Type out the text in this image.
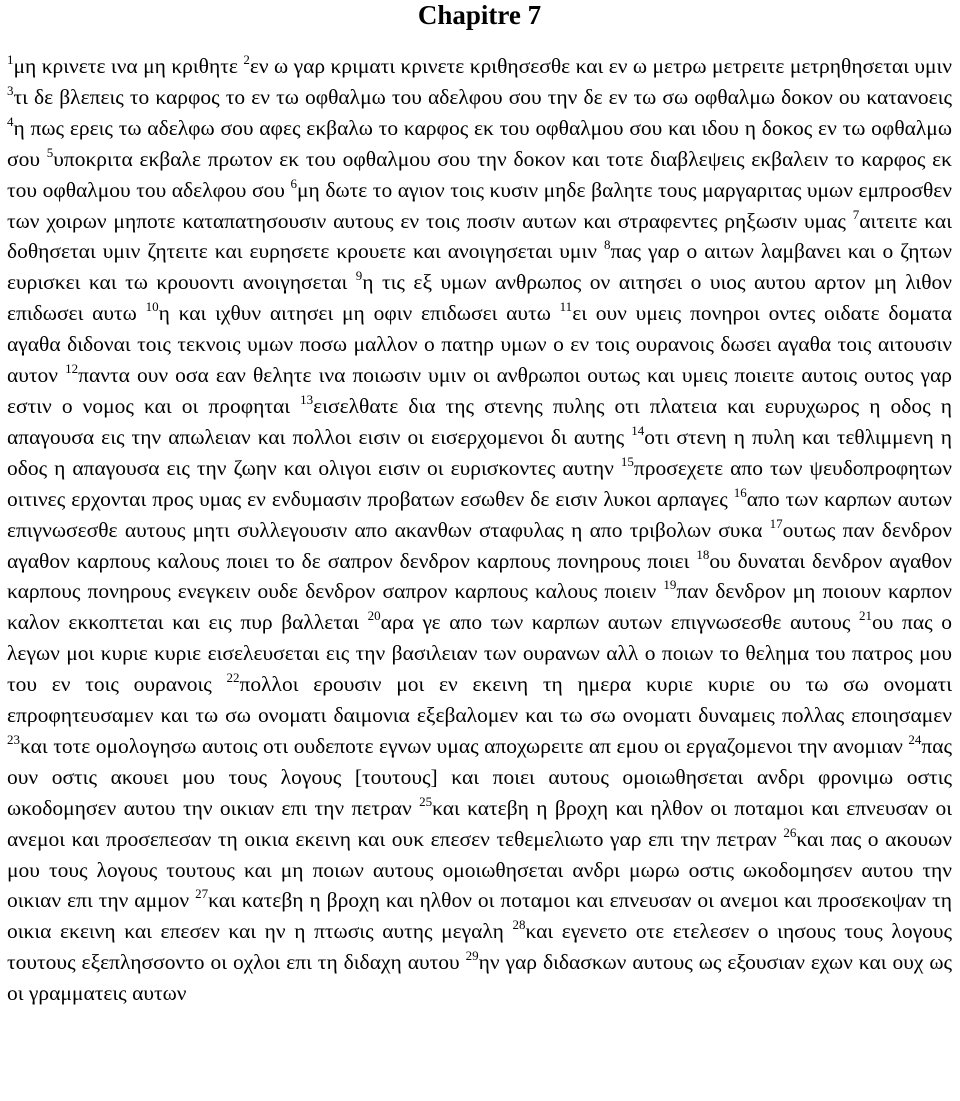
Chapitre 7

$^1$μη κρινετε ινα μη κριθητε $^2$εν ω γαρ κριματι κρινετε κριθησεσθε και εν ω μετρω μετρειτε μετρηθησεται υμιν $^3$τι δε βλεπεις το καρφος το εν τω οφθαλμω του αδελφου σου την δε εν τω σω οφθαλμω δοκον ου κατανοεις $^4$η πως ερεις τω αδελφω σου αφες εκβαλω το καρφος εκ του οφθαλμου σου και ιδου η δοκος εν τω οφθαλμω σου $^5$υποκριτα εκβαλε πρωτον εκ του οφθαλμου σου την δοκον και τοτε διαβλεψεις εκβαλειν το καρφος εκ του οφθαλμου του αδελφου σου $^6$μη δωτε το αγιον τοις κυσιν μηδε βαλητε τους μαργαριτας υμων εμπροσθεν των χοιρων μηποτε καταπατησουσιν αυτους εν τοις ποσιν αυτων και στραφεντες ρηξωσιν υμας $^7$αιτειτε και δοθησεται υμιν ζητειτε και ευρησετε κρουετε και ανοιγησεται υμιν $^8$πας γαρ ο αιτων λαμβανει και ο ζητων ευρισκει και τω κρουοντι ανοιγησεται $^9$η τις εξ υμων ανθρωπος ον αιτησει ο υιος αυτου αρτον μη λιθον επιδωσει αυτω $^{10}$η και ιχθυν αιτησει μη οφιν επιδωσει αυτω $^{11}$ει ουν υμεις πονηροι οντες οιδατε δοματα αγαθα διδοναι τοις τεκνοις υμων ποσω μαλλον ο πατηρ υμων ο εν τοις ουρανοις δωσει αγαθα τοις αιτουσιν αυτον $^{12}$παντα ουν οσα εαν θελητε ινα ποιωσιν υμιν οι ανθρωποι ουτως και υμεις ποιειτε αυτοις ουτος γαρ εστιν ο νομος και οι προφηται $^{13}$εισελθατε δια της στενης πυλης οτι πλατεια και ευρυχωρος η οδος η απαγουσα εις την απωλειαν και πολλοι εισιν οι εισερχομενοι δι αυτης $^{14}$οτι στενη η πυλη και τεθλιμμενη η οδος η απαγουσα εις την ζωην και ολιγοι εισιν οι ευρισκοντες αυτην $^{15}$προσεχετε απο των ψευδοπροφητων οιτινες ερχονται προς υμας εν ενδυμασιν προβατων εσωθεν δε εισιν λυκοι αρπαγες $^{16}$απο των καρπων αυτων επιγνωσεσθε αυτους μητι συλλεγουσιν απο ακανθων σταφυλας η απο τριβολων συκα $^{17}$ουτως παν δενδρον αγαθον καρπους καλους ποιει το δε σαπρον δενδρον καρπους πονηρους ποιει $^{18}$ου δυναται δενδρον αγαθον καρπους πονηρους ενεγκειν ουδε δενδρον σαπρον καρπους καλους ποιειν $^{19}$παν δενδρον μη ποιουν καρπον καλον εκκοπτεται και εις πυρ βαλλεται $^{20}$αρα γε απο των καρπων αυτων επιγνωσεσθε αυτους $^{21}$ου πας ο λεγων μοι κυριε κυριε εισελευσεται εις την βασιλειαν των ουρανων αλλ ο ποιων το θελημα του πατρος μου του εν τοις ουρανοις $^{22}$πολλοι ερουσιν μοι εν εκεινη τη ημερα κυριε κυριε ου τω σω ονοματι επροφητευσαμεν και τω σω ονοματι δαιμονια εξεβαλομεν και τω σω ονοματι δυναμεις πολλας εποιησαμεν $^{23}$και τοτε ομολογησω αυτοις οτι ουδεποτε εγνων υμας αποχωρειτε απ εμου οι εργαζομενοι την ανομιαν $^{24}$πας ουν οστις ακουει μου τους λογους [τουτους] και ποιει αυτους ομοιωθησεται ανδρι φρονιμω οστις ωκοδομησεν αυτου την οικιαν επι την πετραν $^{25}$και κατεβη η βροχη και ηλθον οι ποταμοι και επνευσαν οι ανεμοι και προσεπεσαν τη οικια εκεινη και ουκ επεσεν τεθεμελιωτο γαρ επι την πετραν $^{26}$και πας ο ακουων μου τους λογους τουτους και μη ποιων αυτους ομοιωθησεται ανδρι μωρω οστις ωκοδομησεν αυτου την οικιαν επι την αμμον $^{27}$και κατεβη η βροχη και ηλθον οι ποταμοι και επνευσαν οι ανεμοι και προσεκοψαν τη οικια εκεινη και επεσεν και ην η πτωσις αυτης μεγαλη $^{28}$και εγενετο οτε ετελεσεν ο ιησους τους λογους τουτους εξεπλησσοντο οι οχλοι επι τη διδαχη αυτου $^{29}$ην γαρ διδασκων αυτους ως εξουσιαν εχων και ουχ ως οι γραμματεις αυτων
